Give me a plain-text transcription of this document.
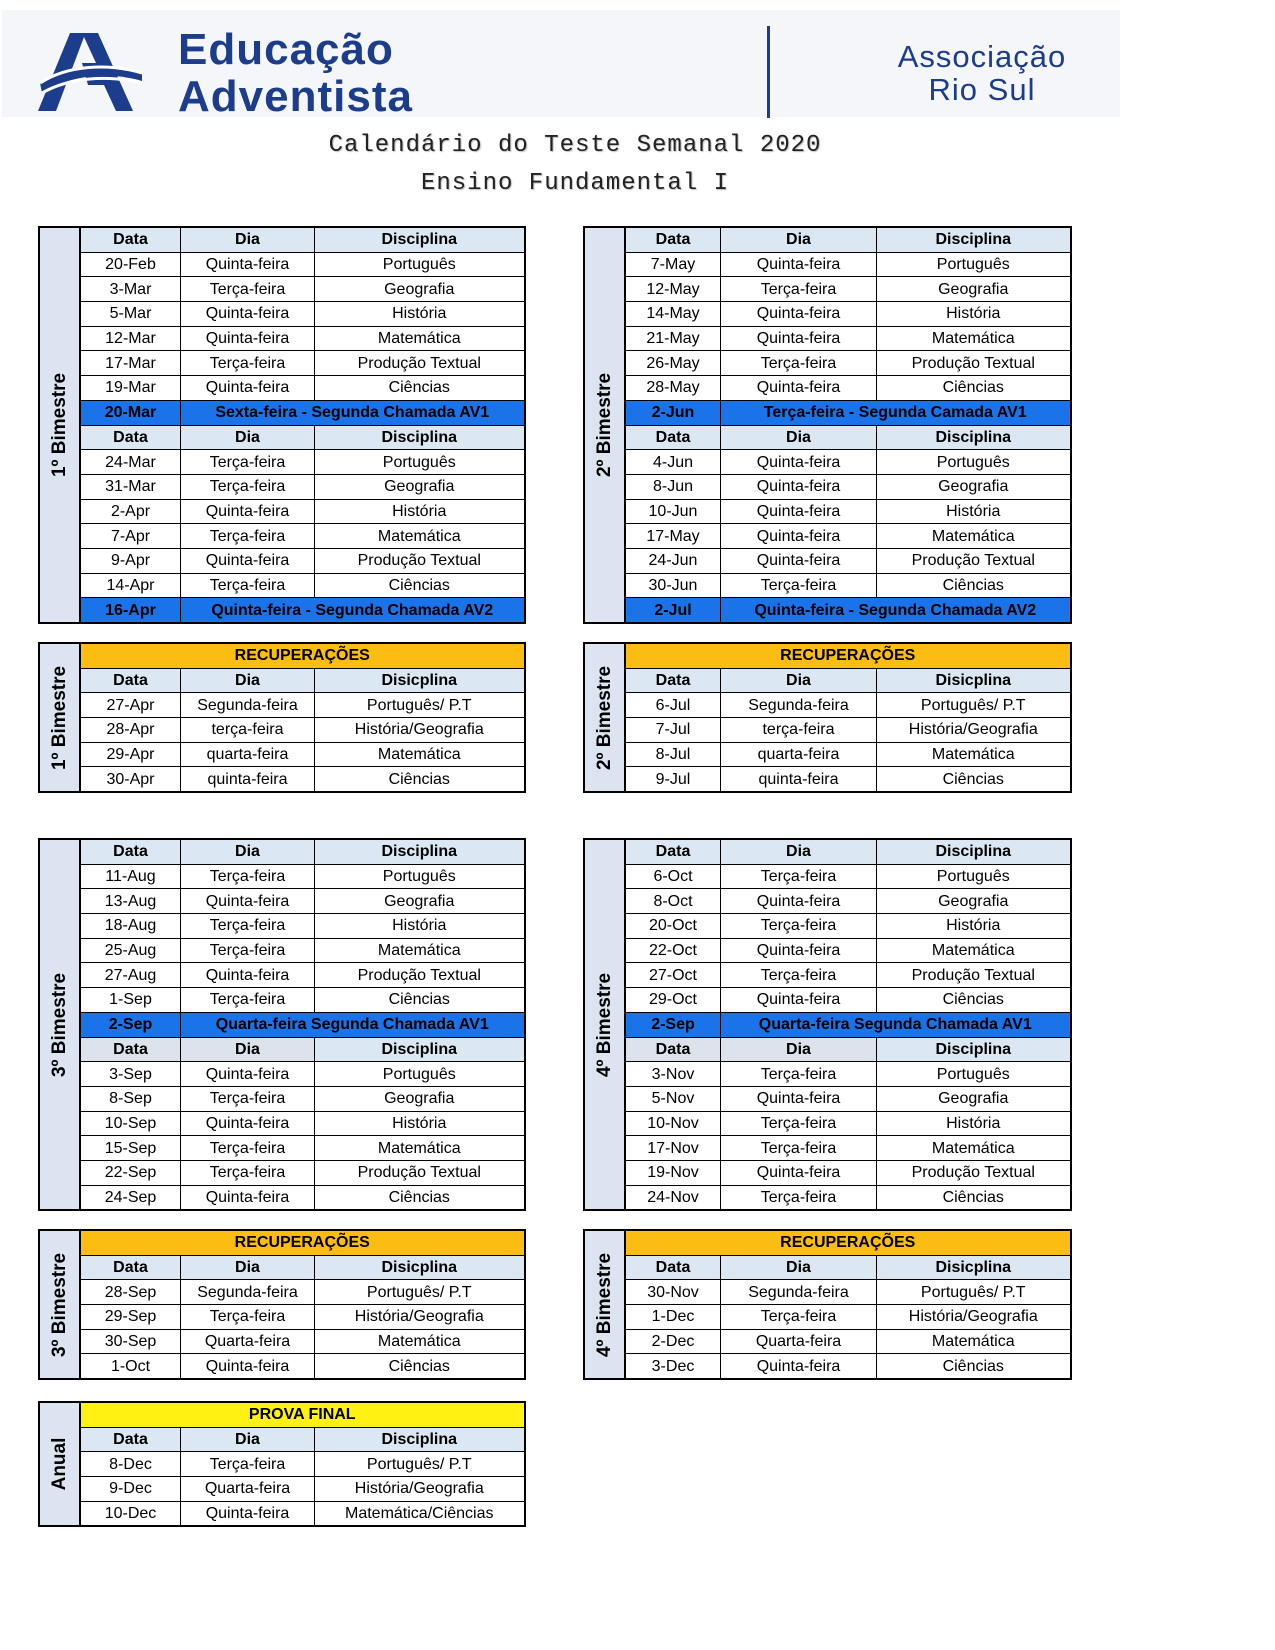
Educação
Adventista
Associação
Rio Sul
Calendário do Teste Semanal 2020
Ensino Fundamental I
1º Bimestre
Data	Dia	Disciplina
20-Feb	Quinta-feira	Português
3-Mar	Terça-feira	Geografia
5-Mar	Quinta-feira	História
12-Mar	Quinta-feira	Matemática
17-Mar	Terça-feira	Produção Textual
19-Mar	Quinta-feira	Ciências
20-Mar	Sexta-feira - Segunda Chamada AV1	
Data	Dia	Disciplina
24-Mar	Terça-feira	Português
31-Mar	Terça-feira	Geografia
2-Apr	Quinta-feira	História
7-Apr	Terça-feira	Matemática
9-Apr	Quinta-feira	Produção Textual
14-Apr	Terça-feira	Ciências
16-Apr	Quinta-feira - Segunda Chamada AV2	
2º Bimestre
Data	Dia	Disciplina
7-May	Quinta-feira	Português
12-May	Terça-feira	Geografia
14-May	Quinta-feira	História
21-May	Quinta-feira	Matemática
26-May	Terça-feira	Produção Textual
28-May	Quinta-feira	Ciências
2-Jun	Terça-feira - Segunda Camada AV1	
Data	Dia	Disciplina
4-Jun	Quinta-feira	Português
8-Jun	Quinta-feira	Geografia
10-Jun	Quinta-feira	História
17-May	Quinta-feira	Matemática
24-Jun	Quinta-feira	Produção Textual
30-Jun	Terça-feira	Ciências
2-Jul	Quinta-feira - Segunda Chamada AV2	
1º Bimestre
RECUPERAÇÕES		
Data	Dia	Disicplina
27-Apr	Segunda-feira	Português/ P.T
28-Apr	terça-feira	História/Geografia
29-Apr	quarta-feira	Matemática
30-Apr	quinta-feira	Ciências
2º Bimestre
RECUPERAÇÕES		
Data	Dia	Disicplina
6-Jul	Segunda-feira	Português/ P.T
7-Jul	terça-feira	História/Geografia
8-Jul	quarta-feira	Matemática
9-Jul	quinta-feira	Ciências
3º Bimestre
Data	Dia	Disciplina
11-Aug	Terça-feira	Português
13-Aug	Quinta-feira	Geografia
18-Aug	Terça-feira	História
25-Aug	Terça-feira	Matemática
27-Aug	Quinta-feira	Produção Textual
1-Sep	Terça-feira	Ciências
2-Sep	Quarta-feira Segunda Chamada AV1	
Data	Dia	Disciplina
3-Sep	Quinta-feira	Português
8-Sep	Terça-feira	Geografia
10-Sep	Quinta-feira	História
15-Sep	Terça-feira	Matemática
22-Sep	Terça-feira	Produção Textual
24-Sep	Quinta-feira	Ciências
4º Bimestre
Data	Dia	Disciplina
6-Oct	Terça-feira	Português
8-Oct	Quinta-feira	Geografia
20-Oct	Terça-feira	História
22-Oct	Quinta-feira	Matemática
27-Oct	Terça-feira	Produção Textual
29-Oct	Quinta-feira	Ciências
2-Sep	Quarta-feira Segunda Chamada AV1	
Data	Dia	Disciplina
3-Nov	Terça-feira	Português
5-Nov	Quinta-feira	Geografia
10-Nov	Terça-feira	História
17-Nov	Terça-feira	Matemática
19-Nov	Quinta-feira	Produção Textual
24-Nov	Terça-feira	Ciências
3º Bimestre
RECUPERAÇÕES		
Data	Dia	Disicplina
28-Sep	Segunda-feira	Português/ P.T
29-Sep	Terça-feira	História/Geografia
30-Sep	Quarta-feira	Matemática
1-Oct	Quinta-feira	Ciências
4º Bimestre
RECUPERAÇÕES		
Data	Dia	Disicplina
30-Nov	Segunda-feira	Português/ P.T
1-Dec	Terça-feira	História/Geografia
2-Dec	Quarta-feira	Matemática
3-Dec	Quinta-feira	Ciências
Anual
PROVA FINAL		
Data	Dia	Disciplina
8-Dec	Terça-feira	Português/ P.T
9-Dec	Quarta-feira	História/Geografia
10-Dec	Quinta-feira	Matemática/Ciências
